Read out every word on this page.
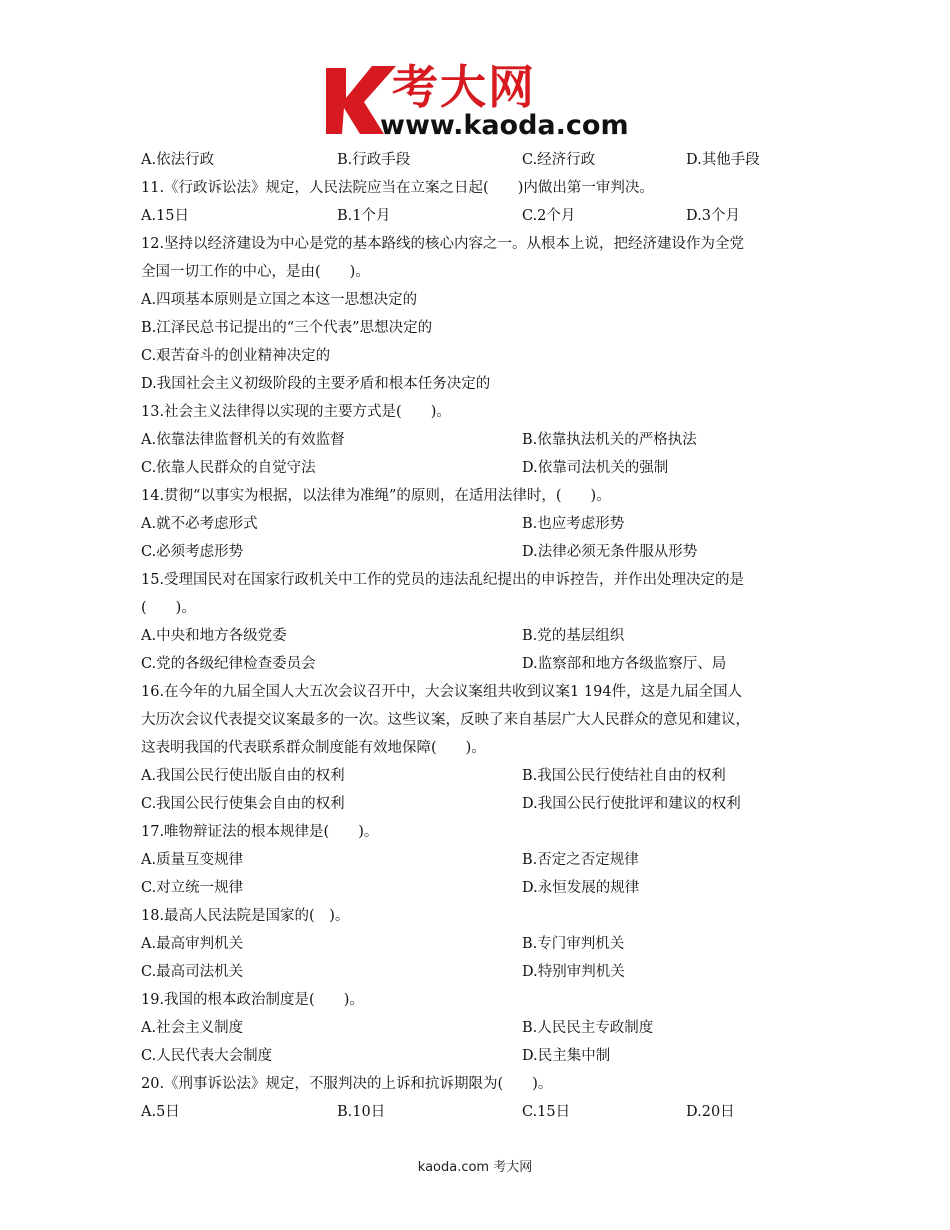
考大网
www.kaoda.com
A.依法行政	B.行政手段	C.经济行政	D.其他手段
11.《行政诉讼法》规定，人民法院应当在立案之日起(　　)内做出第一审判决。
A.15日	B.1个月	C.2个月	D.3个月
12.坚持以经济建设为中心是党的基本路线的核心内容之一。从根本上说，把经济建设作为全党
全国一切工作的中心，是由(　　)。
A.四项基本原则是立国之本这一思想决定的
B.江泽民总书记提出的“三个代表”思想决定的
C.艰苦奋斗的创业精神决定的
D.我国社会主义初级阶段的主要矛盾和根本任务决定的
13.社会主义法律得以实现的主要方式是(　　)。
A.依靠法律监督机关的有效监督	B.依靠执法机关的严格执法
C.依靠人民群众的自觉守法	D.依靠司法机关的强制
14.贯彻“以事实为根据，以法律为准绳”的原则，在适用法律时，(　　)。
A.就不必考虑形式	B.也应考虑形势
C.必须考虑形势	D.法律必须无条件服从形势
15.受理国民对在国家行政机关中工作的党员的违法乱纪提出的申诉控告，并作出处理决定的是
(　　)。
A.中央和地方各级党委	B.党的基层组织
C.党的各级纪律检查委员会	D.监察部和地方各级监察厅、局
16.在今年的九届全国人大五次会议召开中，大会议案组共收到议案1 194件，这是九届全国人
大历次会议代表提交议案最多的一次。这些议案，反映了来自基层广大人民群众的意见和建议，
这表明我国的代表联系群众制度能有效地保障(　　)。
A.我国公民行使出版自由的权利	B.我国公民行使结社自由的权利
C.我国公民行使集会自由的权利	D.我国公民行使批评和建议的权利
17.唯物辩证法的根本规律是(　　)。
A.质量互变规律	B.否定之否定规律
C.对立统一规律	D.永恒发展的规律
18.最高人民法院是国家的(　)。
A.最高审判机关	B.专门审判机关
C.最高司法机关	D.特别审判机关
19.我国的根本政治制度是(　　)。
A.社会主义制度	B.人民民主专政制度
C.人民代表大会制度	D.民主集中制
20.《刑事诉讼法》规定，不服判决的上诉和抗诉期限为(　　)。
A.5日	B.10日	C.15日	D.20日
kaoda.com 考大网
